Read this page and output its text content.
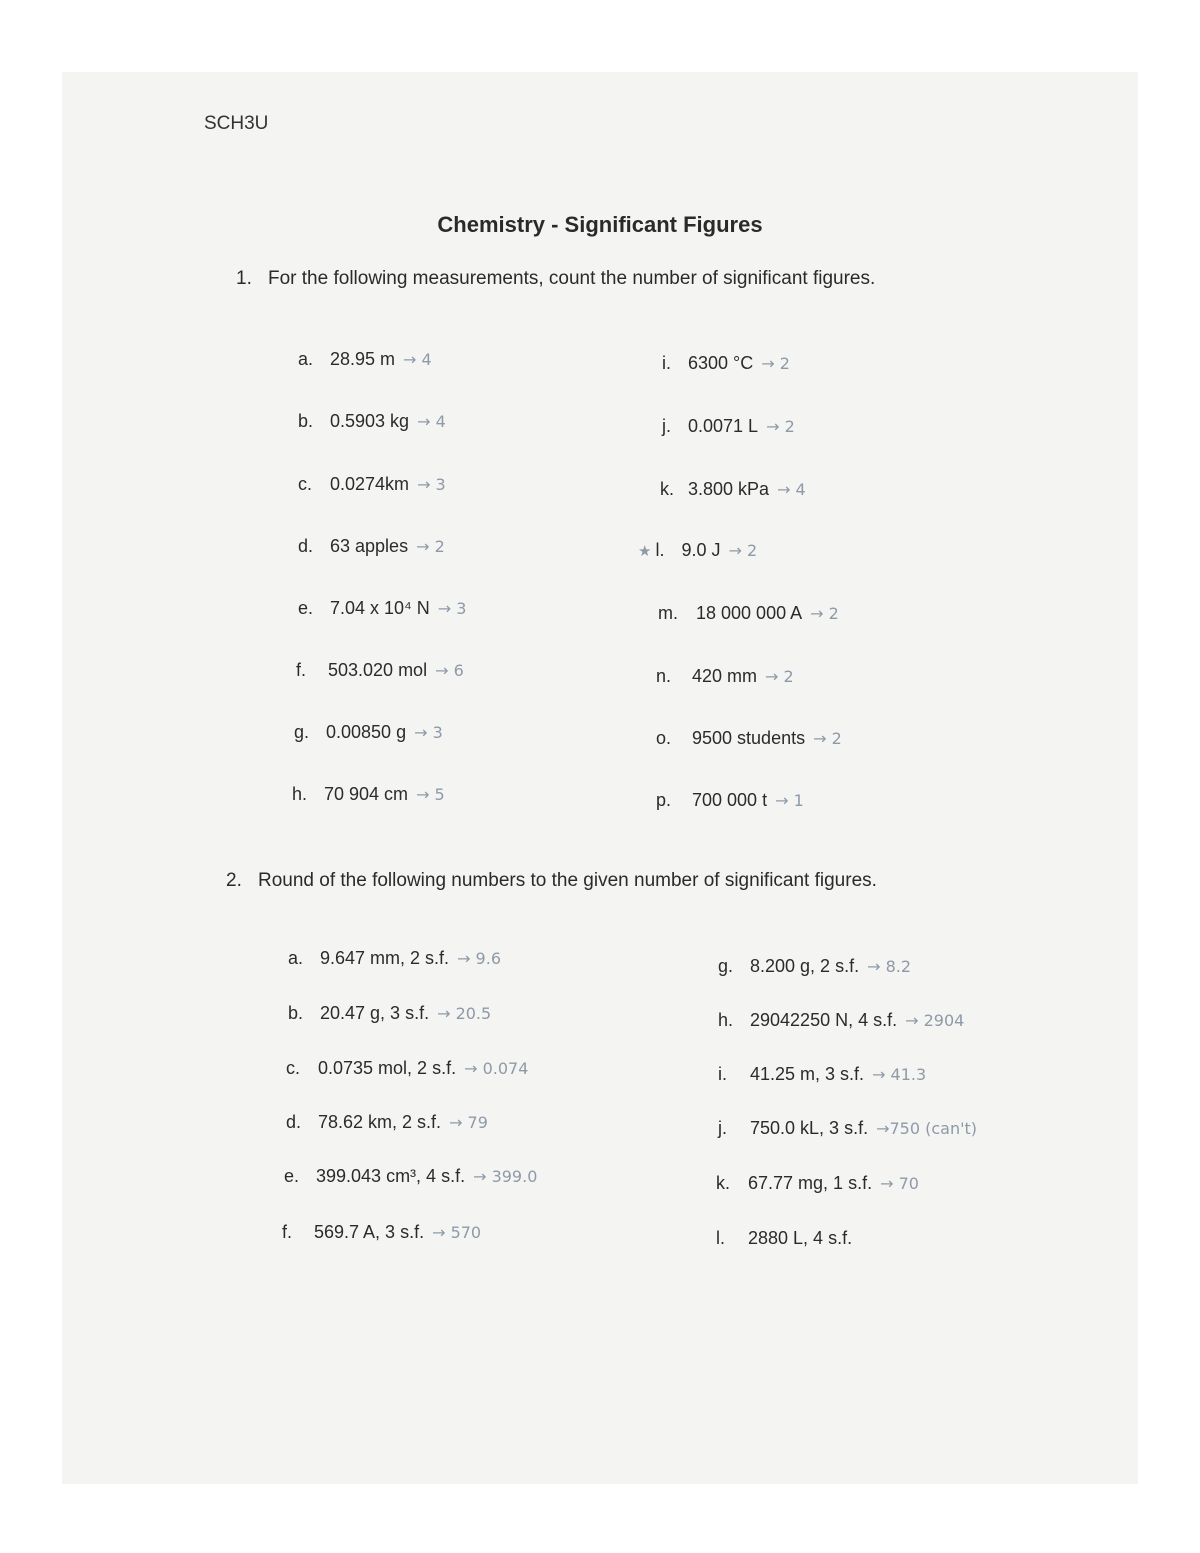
SCH3U
Chemistry - Significant Figures
1. For the following measurements, count the number of significant figures.
a. 28.95 m → 4
b. 0.5903 kg → 4
c. 0.0274km → 3
d. 63 apples → 2
e. 7.04 x 10⁴ N → 3
f. 503.020 mol → 6
g. 0.00850 g → 3
h. 70 904 cm → 5
i. 6300 °C → 2
j. 0.0071 L → 2
k. 3.800 kPa → 4
★ l. 9.0 J → 2
m. 18 000 000 A → 2
n. 420 mm → 2
o. 9500 students → 2
p. 700 000 t → 1
2. Round of the following numbers to the given number of significant figures.
a. 9.647 mm, 2 s.f. → 9.6
b. 20.47 g, 3 s.f. → 20.5
c. 0.0735 mol, 2 s.f. → 0.074
d. 78.62 km, 2 s.f. → 79
e. 399.043 cm³, 4 s.f. → 399.0
f. 569.7 A, 3 s.f. → 570
g. 8.200 g, 2 s.f. → 8.2
h. 29042250 N, 4 s.f. → 2904
i. 41.25 m, 3 s.f. → 41.3
j. 750.0 kL, 3 s.f. →750 (can't)
k. 67.77 mg, 1 s.f. → 70
l. 2880 L, 4 s.f.
